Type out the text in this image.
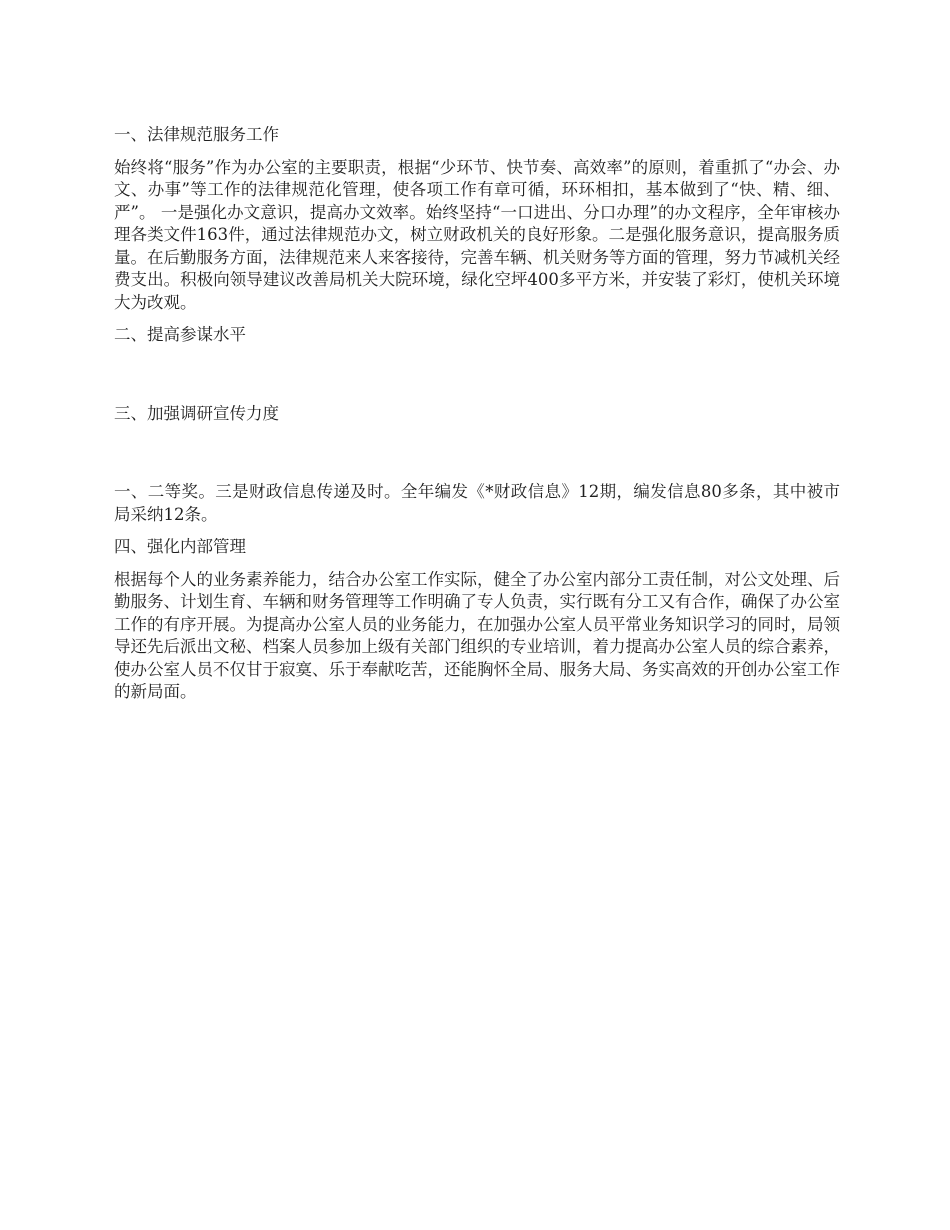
一、法律规范服务工作
始终将“服务”作为办公室的主要职责，根据“少环节、快节奏、高效率”的原则，着重抓了“办会、办文、办事”等工作的法律规范化管理，使各项工作有章可循，环环相扣，基本做到了“快、精、细、严”。 一是强化办文意识，提高办文效率。始终坚持“一口进出、分口办理”的办文程序，全年审核办理各类文件163件，通过法律规范办文，树立财政机关的良好形象。二是强化服务意识，提高服务质量。在后勤服务方面，法律规范来人来客接待，完善车辆、机关财务等方面的管理，努力节减机关经费支出。积极向领导建议改善局机关大院环境，绿化空坪400多平方米，并安装了彩灯，使机关环境大为改观。
二、提高参谋水平
三、加强调研宣传力度
一、二等奖。三是财政信息传递及时。全年编发《*财政信息》12期，编发信息80多条，其中被市局采纳12条。
四、强化内部管理
根据每个人的业务素养能力，结合办公室工作实际，健全了办公室内部分工责任制，对公文处理、后勤服务、计划生育、车辆和财务管理等工作明确了专人负责，实行既有分工又有合作，确保了办公室工作的有序开展。为提高办公室人员的业务能力，在加强办公室人员平常业务知识学习的同时，局领导还先后派出文秘、档案人员参加上级有关部门组织的专业培训，着力提高办公室人员的综合素养，使办公室人员不仅甘于寂寞、乐于奉献吃苦，还能胸怀全局、服务大局、务实高效的开创办公室工作的新局面。
